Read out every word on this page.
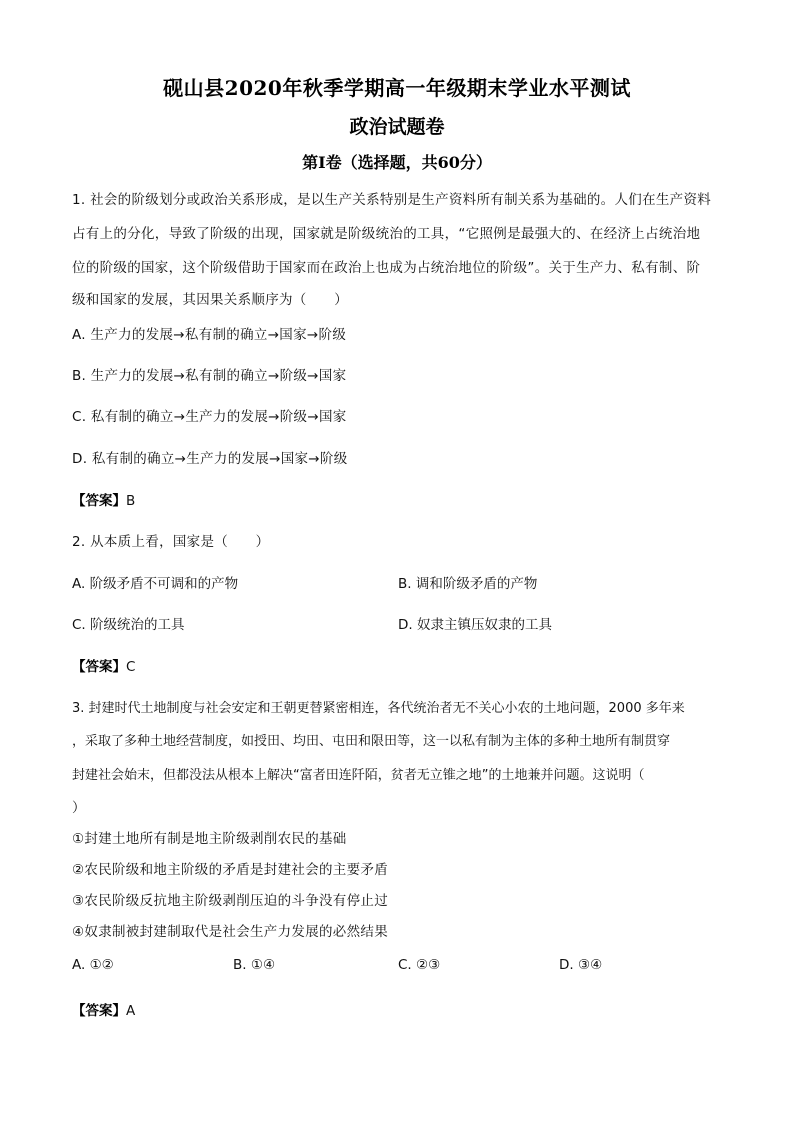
砚山县2020年秋季学期高一年级期末学业水平测试
政治试题卷
第I卷（选择题，共60分）
1. 社会的阶级划分或政治关系形成，是以生产关系特别是生产资料所有制关系为基础的。人们在生产资料
占有上的分化，导致了阶级的出现，国家就是阶级统治的工具，“它照例是最强大的、在经济上占统治地
位的阶级的国家，这个阶级借助于国家而在政治上也成为占统治地位的阶级”。关于生产力、私有制、阶
级和国家的发展，其因果关系顺序为（　　）
A. 生产力的发展→私有制的确立→国家→阶级
B. 生产力的发展→私有制的确立→阶级→国家
C. 私有制的确立→生产力的发展→阶级→国家
D. 私有制的确立→生产力的发展→国家→阶级
【答案】B
2. 从本质上看，国家是（　　）
A. 阶级矛盾不可调和的产物	B. 调和阶级矛盾的产物
C. 阶级统治的工具	D. 奴隶主镇压奴隶的工具
【答案】C
3. 封建时代土地制度与社会安定和王朝更替紧密相连，各代统治者无不关心小农的土地问题，2000 多年来
，采取了多种土地经营制度，如授田、均田、屯田和限田等，这一以私有制为主体的多种土地所有制贯穿
封建社会始末，但都没法从根本上解决“富者田连阡陌，贫者无立锥之地”的土地兼并问题。这说明（
）
①封建土地所有制是地主阶级剥削农民的基础
②农民阶级和地主阶级的矛盾是封建社会的主要矛盾
③农民阶级反抗地主阶级剥削压迫的斗争没有停止过
④奴隶制被封建制取代是社会生产力发展的必然结果
A. ①②	B. ①④	C. ②③	D. ③④
【答案】A
